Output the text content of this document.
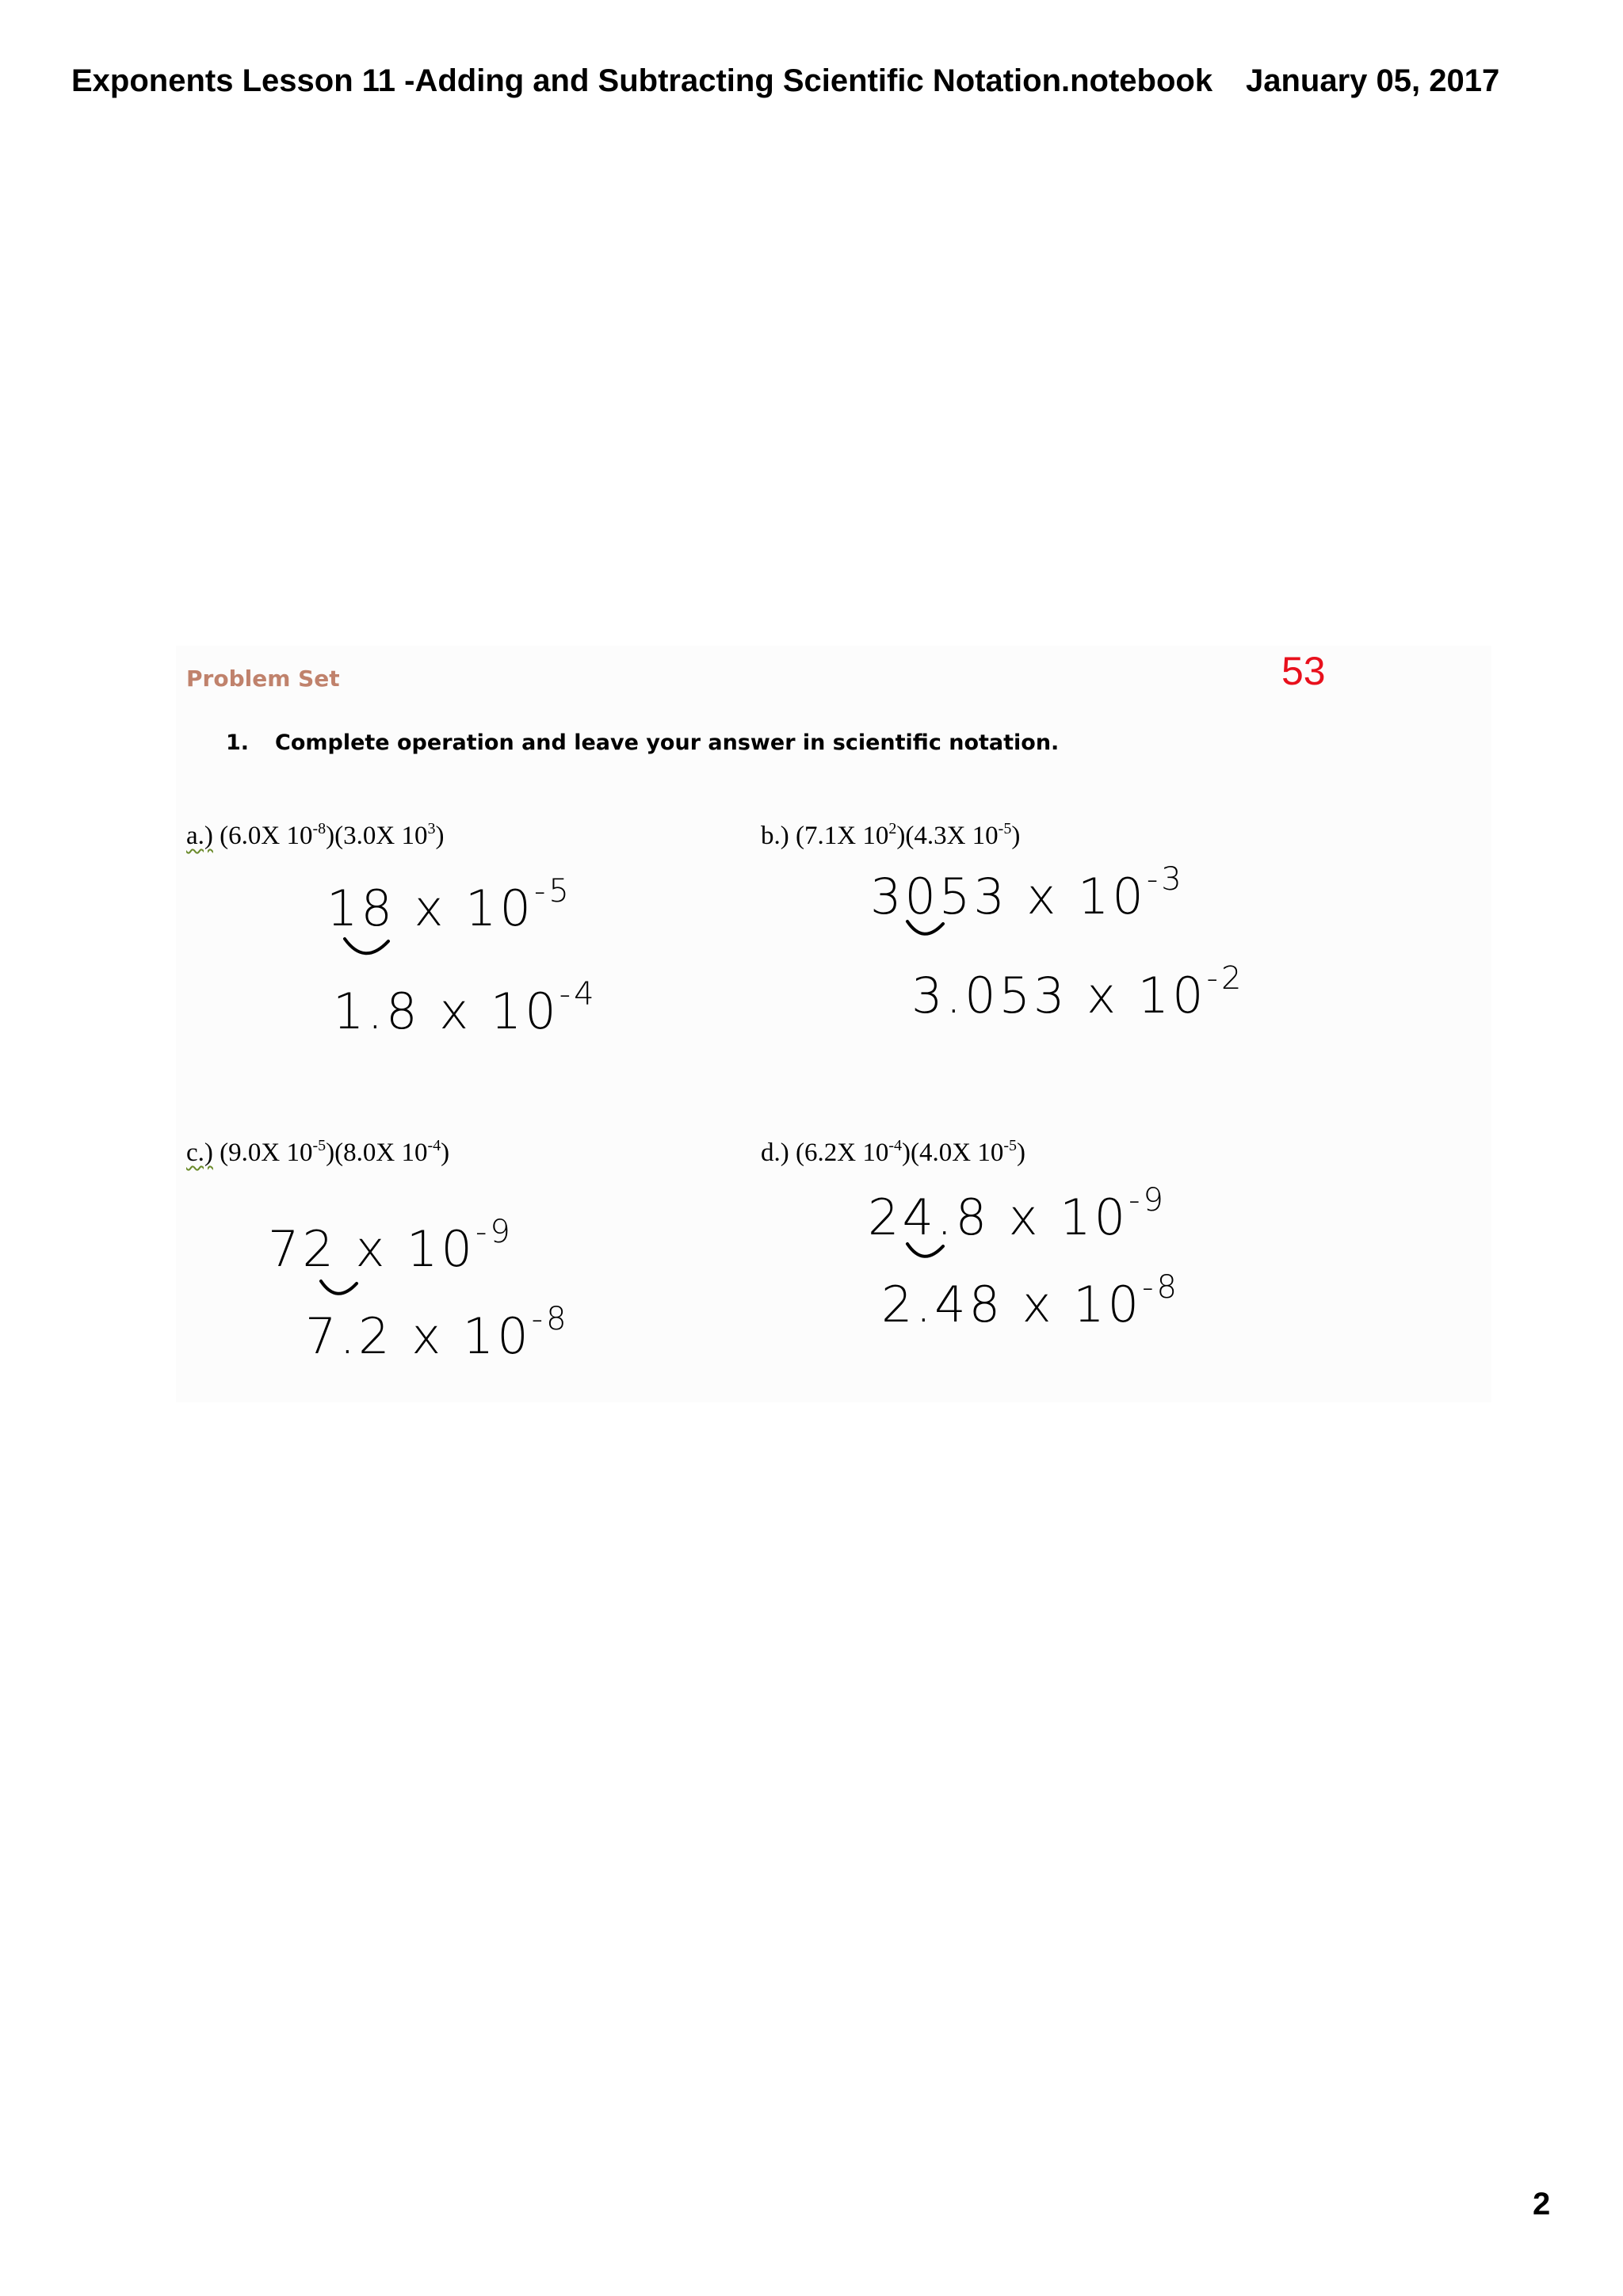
Exponents Lesson 11 -Adding and Subtracting Scientific Notation.notebook January 05, 2017
53
Problem Set
1. Complete operation and leave your answer in scientific notation.
a.) (6.0X $10^{-8})(3.0X$ $10^3$)	b.) (7.1X $10^2)(4.3X$ $10^{-5}$)
c.) (9.0X $10^{-5})(8.0X$ $10^{-4}$)	d.) (6.2X $10^{-4})(4.0X$ $10^{-5}$)
18 x $10^{-5}$
1.8 x $10^{-4}$
3053 x $10^{-3}$
3.053 x $10^{-2}$
72 x $10^{-9}$
7.2 x $10^{-8}$
24.8 x $10^{-9}$
2.48 x $10^{-8}$
2
